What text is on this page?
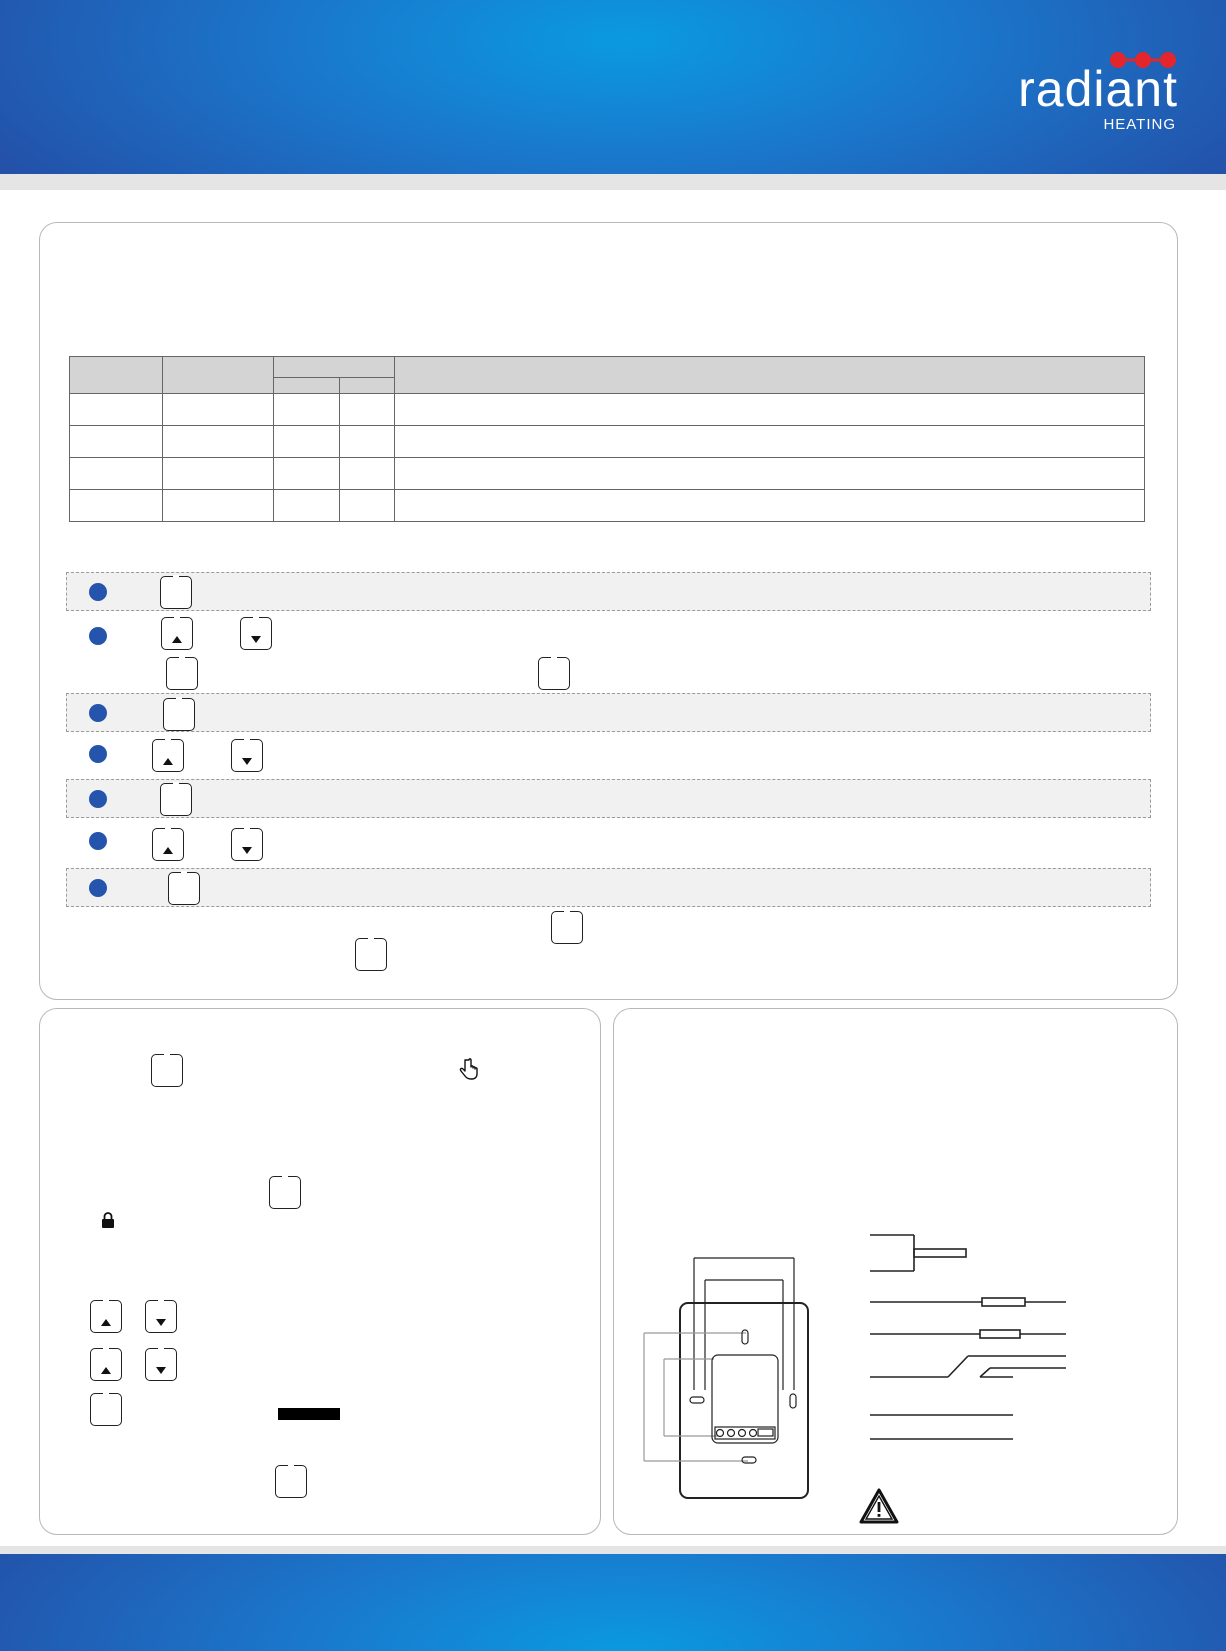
radiant
HEATING
